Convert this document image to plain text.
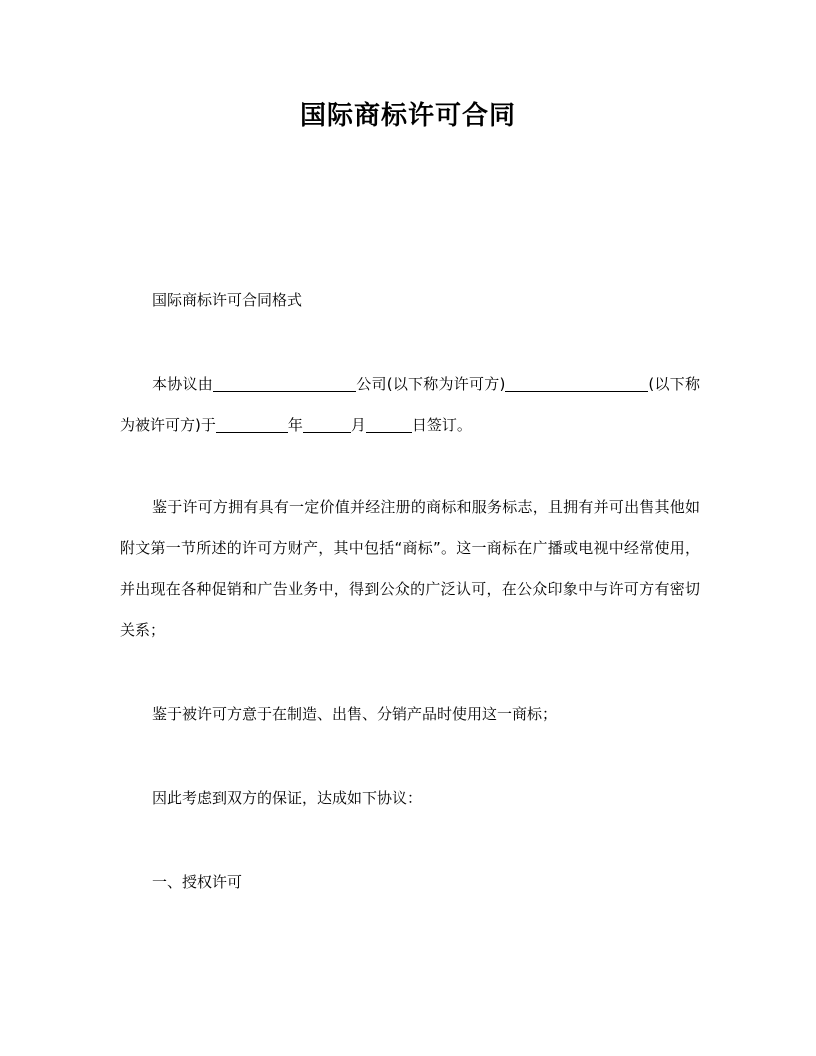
国际商标许可合同
国际商标许可合同格式
本协议由	公司(以下称为许可方)	(以下称为被许可方)于	年	月	日签订。
鉴于许可方拥有具有一定价值并经注册的商标和服务标志，且拥有并可出售其他如附文第一节所述的许可方财产，其中包括“商标”。这一商标在广播或电视中经常使用，并出现在各种促销和广告业务中，得到公众的广泛认可，在公众印象中与许可方有密切关系；
鉴于被许可方意于在制造、出售、分销产品时使用这一商标；
因此考虑到双方的保证，达成如下协议：
一、授权许可
